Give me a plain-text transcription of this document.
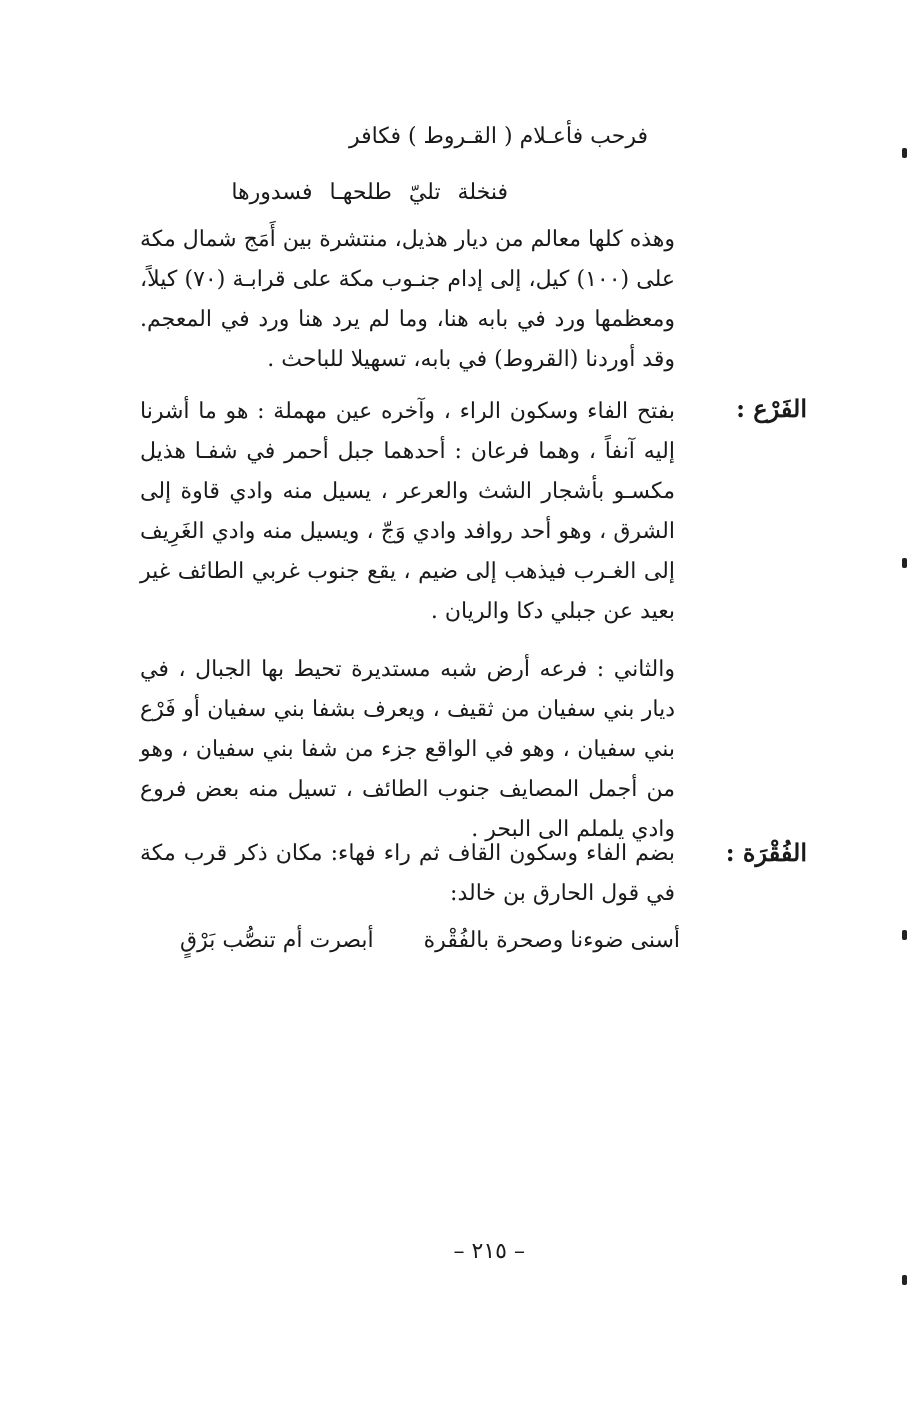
فرحب فأعـلام ( القـروط ) فكافر
فنخلة تليّ طلحهـا فسدورها
وهذه كلها معالم من ديار هذيل، منتشرة بين أَمَج شمال مكة على (١٠٠) كيل، إلى إدام جنـوب مكة على قرابـة (٧٠) كيلاً، ومعظمها ورد في بابه هنا، وما لم يرد هنا ورد في المعجم. وقد أوردنا (القروط) في بابه، تسهيلا للباحث .
الفَرْع :
بفتح الفاء وسكون الراء ، وآخره عين مهملة : هو ما أشرنا إليه آنفاً ، وهما فرعان : أحدهما جبل أحمر في شفـا هذيل مكسـو بأشجار الشث والعرعر ، يسيل منه وادي قاوة إلى الشرق ، وهو أحد روافد وادي وَجّ ، ويسيل منه وادي الغَرِيف إلى الغـرب فيذهب إلى ضيم ، يقع جنوب غربي الطائف غير بعيد عن جبلي دكا والريان .
والثاني : فرعه أرض شبه مستديرة تحيط بها الجبال ، في ديار بني سفيان من ثقيف ، ويعرف بشفا بني سفيان أو فَرْع بني سفيان ، وهو في الواقع جزء من شفا بني سفيان ، وهو من أجمل المصايف جنوب الطائف ، تسيل منه بعض فروع وادي يلملم الى البحر .
الفُقْرَة :
بضم الفاء وسكون القاف ثم راء فهاء: مكان ذكر قرب مكة في قول الحارق بن خالد:
أسنى ضوءنا وصحرة بالفُقْرة
أبصرت أم تنصُّب بَرْقٍ
– ٢١٥ –
